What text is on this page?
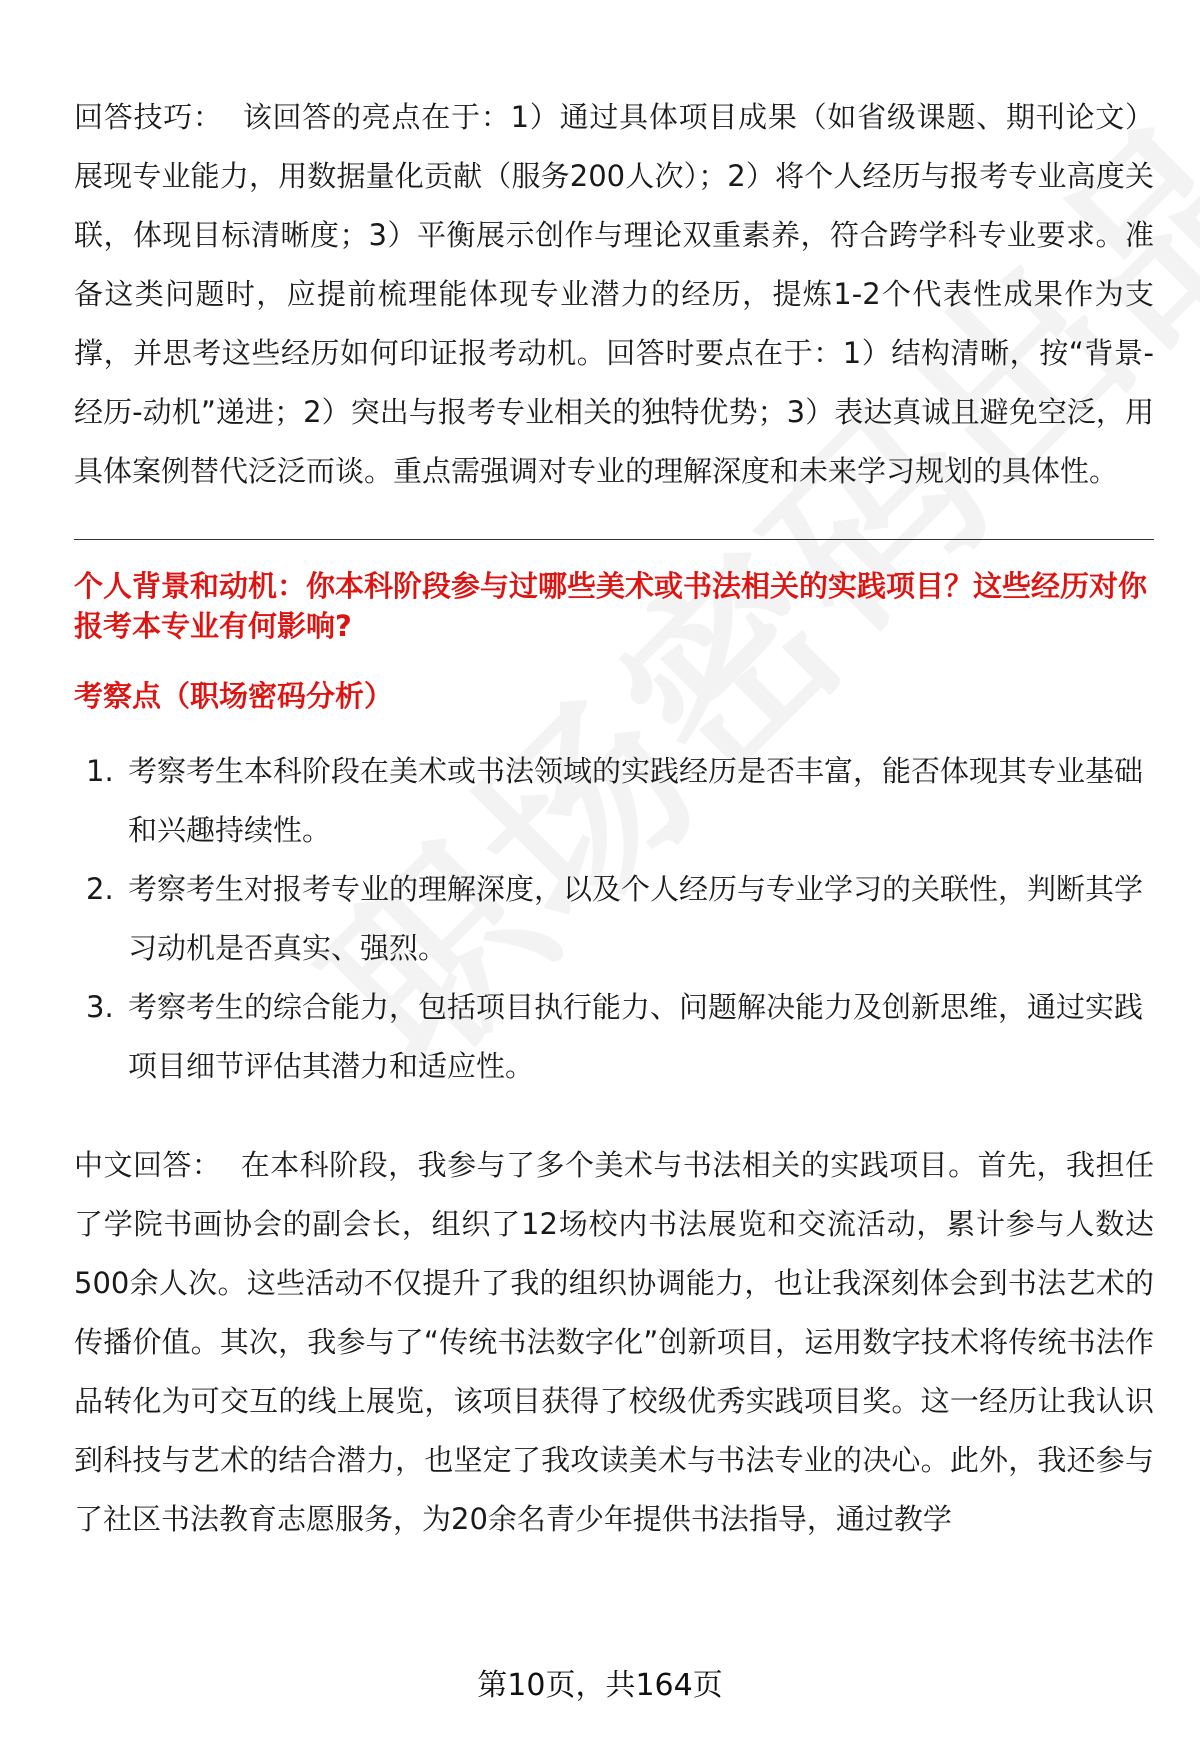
回答技巧： 该回答的亮点在于：1）通过具体项目成果（如省级课题、期刊论文）展现专业能力，用数据量化贡献（服务200人次）；2）将个人经历与报考专业高度关联，体现目标清晰度；3）平衡展示创作与理论双重素养，符合跨学科专业要求。准备这类问题时，应提前梳理能体现专业潜力的经历，提炼1-2个代表性成果作为支撑，并思考这些经历如何印证报考动机。回答时要点在于：1）结构清晰，按“背景-经历-动机”递进；2）突出与报考专业相关的独特优势；3）表达真诚且避免空泛，用具体案例替代泛泛而谈。重点需强调对专业的理解深度和未来学习规划的具体性。

个人背景和动机：你本科阶段参与过哪些美术或书法相关的实践项目？这些经历对你报考本专业有何影响?

考察点（职场密码分析）

1. 考察考生本科阶段在美术或书法领域的实践经历是否丰富，能否体现其专业基础和兴趣持续性。
2. 考察考生对报考专业的理解深度，以及个人经历与专业学习的关联性，判断其学习动机是否真实、强烈。
3. 考察考生的综合能力，包括项目执行能力、问题解决能力及创新思维，通过实践项目细节评估其潜力和适应性。

中文回答： 在本科阶段，我参与了多个美术与书法相关的实践项目。首先，我担任了学院书画协会的副会长，组织了12场校内书法展览和交流活动，累计参与人数达500余人次。这些活动不仅提升了我的组织协调能力，也让我深刻体会到书法艺术的传播价值。其次，我参与了“传统书法数字化”创新项目，运用数字技术将传统书法作品转化为可交互的线上展览，该项目获得了校级优秀实践项目奖。这一经历让我认识到科技与艺术的结合潜力，也坚定了我攻读美术与书法专业的决心。此外，我还参与了社区书法教育志愿服务，为20余名青少年提供书法指导，通过教学

第10页，共164页
